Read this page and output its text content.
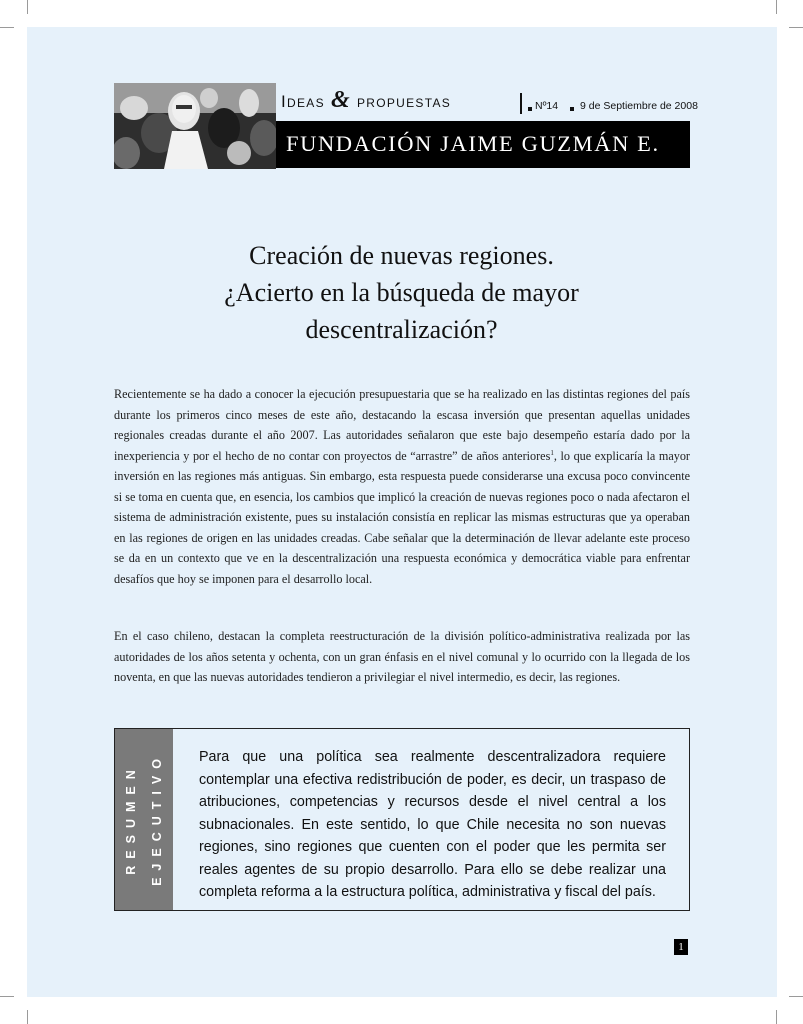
Ideas & propuestas	Nº14 9 de Septiembre de 2008
FUNDACIÓN JAIME GUZMÁN E.
Creación de nuevas regiones.
¿Acierto en la búsqueda de mayor
descentralización?
Recientemente se ha dado a conocer la ejecución presupuestaria que se ha realizado en las distintas regiones del país durante los primeros cinco meses de este año, destacando la escasa inversión que presentan aquellas unidades regionales creadas durante el año 2007. Las autoridades señalaron que este bajo desempeño estaría dado por la inexperiencia y por el hecho de no contar con proyectos de “arrastre” de años anteriores$^1$, lo que explicaría la mayor inversión en las regiones más antiguas. Sin embargo, esta respuesta puede considerarse una excusa poco convincente si se toma en cuenta que, en esencia, los cambios que implicó la creación de nuevas regiones poco o nada afectaron el sistema de administración existente, pues su instalación consistía en replicar las mismas estructuras que ya operaban en las regiones de origen en las unidades creadas. Cabe señalar que la determinación de llevar adelante este proceso se da en un contexto que ve en la descentralización una respuesta económica y democrática viable para enfrentar desafíos que hoy se imponen para el desarrollo local.
En el caso chileno, destacan la completa reestructuración de la división político-administrativa realizada por las autoridades de los años setenta y ochenta, con un gran énfasis en el nivel comunal y lo ocurrido con la llegada de los noventa, en que las nuevas autoridades tendieron a privilegiar el nivel intermedio, es decir, las regiones.
RESUMEN EJECUTIVO	Para que una política sea realmente descentralizadora requiere contemplar una efectiva redistribución de poder, es decir, un traspaso de atribuciones, competencias y recursos desde el nivel central a los subnacionales. En este sentido, lo que Chile necesita no son nuevas regiones, sino regiones que cuenten con el poder que les permita ser reales agentes de su propio desarrollo. Para ello se debe realizar una completa reforma a la estructura política, administrativa y fiscal del país.
1
